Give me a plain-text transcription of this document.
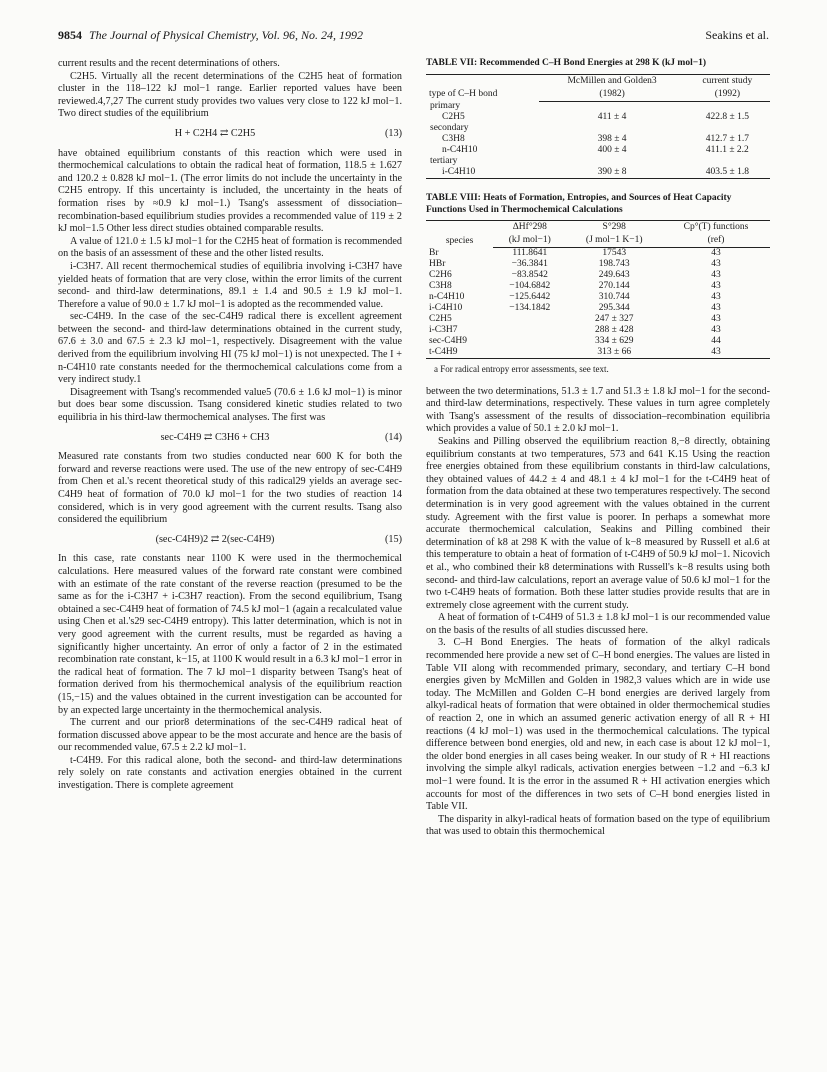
9854 The Journal of Physical Chemistry, Vol. 96, No. 24, 1992	Seakins et al.

current results and the recent determinations of others.

C2H5. Virtually all the recent determinations of the C2H5 heat of formation cluster in the 118–122 kJ mol−1 range. Earlier reported values have been reviewed.4,7,27 The current study provides two values very close to 122 kJ mol−1. Two direct studies of the equilibrium

H + C2H4 ⇄ C2H5	(13)

have obtained equilibrium constants of this reaction which were used in thermochemical calculations to obtain the radical heat of formation, 118.5 ± 1.627 and 120.2 ± 0.828 kJ mol−1. (The error limits do not include the uncertainty in the C2H5 entropy. If this uncertainty is included, the uncertainty in the heats of formation rises by ≈0.9 kJ mol−1.) Tsang's assessment of dissociation–recombination-based equilibrium studies provides a recommended value of 119 ± 2 kJ mol−1.5 Other less direct studies obtained comparable results.

A value of 121.0 ± 1.5 kJ mol−1 for the C2H5 heat of formation is recommended on the basis of an assessment of these and the other listed results.

i-C3H7. All recent thermochemical studies of equilibria involving i-C3H7 have yielded heats of formation that are very close, within the error limits of the current second- and third-law determinations, 89.1 ± 1.4 and 90.5 ± 1.9 kJ mol−1. Therefore a value of 90.0 ± 1.7 kJ mol−1 is adopted as the recommended value.

sec-C4H9. In the case of the sec-C4H9 radical there is excellent agreement between the second- and third-law determinations obtained in the current study, 67.6 ± 3.0 and 67.5 ± 2.3 kJ mol−1, respectively. Disagreement with the value derived from the equilibrium involving HI (75 kJ mol−1) is not unexpected. The I + n-C4H10 rate constants needed for the thermochemical calculations come from a very indirect study.1

Disagreement with Tsang's recommended value5 (70.6 ± 1.6 kJ mol−1) is minor but does bear some discussion. Tsang considered kinetic studies related to two equilibria in his third-law thermochemical analyses. The first was

sec-C4H9 ⇄ C3H6 + CH3	(14)

Measured rate constants from two studies conducted near 600 K for both the forward and reverse reactions were used. The use of the new entropy of sec-C4H9 from Chen et al.'s recent theoretical study of this radical29 yields an average sec-C4H9 heat of formation of 70.0 kJ mol−1 for the two studies of reaction 14 considered, which is in very good agreement with the current results. Tsang also considered the equilibrium

(sec-C4H9)2 ⇄ 2(sec-C4H9)	(15)

In this case, rate constants near 1100 K were used in the thermochemical calculations. Here measured values of the forward rate constant were combined with an estimate of the rate constant of the reverse reaction (presumed to be the same as for the i-C3H7 + i-C3H7 reaction). From the second equilibrium, Tsang obtained a sec-C4H9 heat of formation of 74.5 kJ mol−1 (again a recalculated value using Chen et al.'s29 sec-C4H9 entropy). This latter determination, which is not in very good agreement with the current results, must be regarded as having a significantly higher uncertainty. An error of only a factor of 2 in the estimated recombination rate constant, k−15, at 1100 K would result in a 6.3 kJ mol−1 error in the radical heat of formation. The 7 kJ mol−1 disparity between Tsang's heat of formation derived from his thermochemical analysis of the equilibrium reaction (15,−15) and the values obtained in the current investigation can be accounted for by an expected large uncertainty in the thermochemical analysis.

The current and our prior8 determinations of the sec-C4H9 radical heat of formation discussed above appear to be the most accurate and hence are the basis of our recommended value, 67.5 ± 2.2 kJ mol−1.

t-C4H9. For this radical alone, both the second- and third-law determinations rely solely on rate constants and activation energies obtained in the current investigation. There is complete agreement

TABLE VII: Recommended C–H Bond Energies at 298 K (kJ mol−1)
type of C–H bond	McMillen and Golden3	current study
	(1982)	(1992)
primary		
C2H5	411 ± 4	422.8 ± 1.5
secondary		
C3H8	398 ± 4	412.7 ± 1.7
n-C4H10	400 ± 4	411.1 ± 2.2
tertiary		
i-C4H10	390 ± 8	403.5 ± 1.8
TABLE VIII: Heats of Formation, Entropies, and Sources of Heat Capacity Functions Used in Thermochemical Calculations
species	ΔHf°298	S°298	Cp°(T) functions
	(kJ mol−1)	(J mol−1 K−1)	(ref)
Br	111.8641	17543	43
HBr	−36.3841	198.743	43
C2H6	−83.8542	249.643	43
C3H8	−104.6842	270.144	43
n-C4H10	−125.6442	310.744	43
i-C4H10	−134.1842	295.344	43
C2H5		247 ± 327	43
i-C3H7		288 ± 428	43
sec-C4H9		334 ± 629	44
t-C4H9		313 ± 66	43
a For radical entropy error assessments, see text.

between the two determinations, 51.3 ± 1.7 and 51.3 ± 1.8 kJ mol−1 for the second- and third-law determinations, respectively. These values in turn agree completely with Tsang's assessment of the results of dissociation–recombination equilibria which provides a value of 50.1 ± 2.0 kJ mol−1.

Seakins and Pilling observed the equilibrium reaction 8,−8 directly, obtaining equilibrium constants at two temperatures, 573 and 641 K.15 Using the reaction free energies obtained from these equilibrium constants in third-law calculations, they obtained values of 44.2 ± 4 and 48.1 ± 4 kJ mol−1 for the t-C4H9 heat of formation from the data obtained at these two temperatures respectively. The second determination is in very good agreement with the values obtained in the current study. Agreement with the first value is poorer. In perhaps a somewhat more accurate thermochemical calculation, Seakins and Pilling combined their determination of k8 at 298 K with the value of k−8 measured by Russell et al.6 at this temperature to obtain a heat of formation of t-C4H9 of 50.9 kJ mol−1. Nicovich et al., who combined their k8 determinations with Russell's k−8 results using both second- and third-law calculations, report an average value of 50.6 kJ mol−1 for the two t-C4H9 heats of formation. Both these latter studies provide results that are in extremely close agreement with the current study.

A heat of formation of t-C4H9 of 51.3 ± 1.8 kJ mol−1 is our recommended value on the basis of the results of all studies discussed here.

3. C–H Bond Energies. The heats of formation of the alkyl radicals recommended here provide a new set of C–H bond energies. The values are listed in Table VII along with recommended primary, secondary, and tertiary C–H bond energies given by McMillen and Golden in 1982,3 values which are in wide use today. The McMillen and Golden C–H bond energies are derived largely from alkyl-radical heats of formation that were obtained in older thermochemical studies of reaction 2, one in which an assumed generic activation energy of all R + HI reactions (4 kJ mol−1) was used in the thermochemical calculations. The typical difference between bond energies, old and new, in each case is about 12 kJ mol−1, the older bond energies in all cases being weaker. In our study of R + HI reactions involving the simple alkyl radicals, activation energies between −1.2 and −6.3 kJ mol−1 were found. It is the error in the assumed R + HI activation energies which accounts for most of the differences in two sets of C–H bond energies listed in Table VII.

The disparity in alkyl-radical heats of formation based on the type of equilibrium that was used to obtain this thermochemical
